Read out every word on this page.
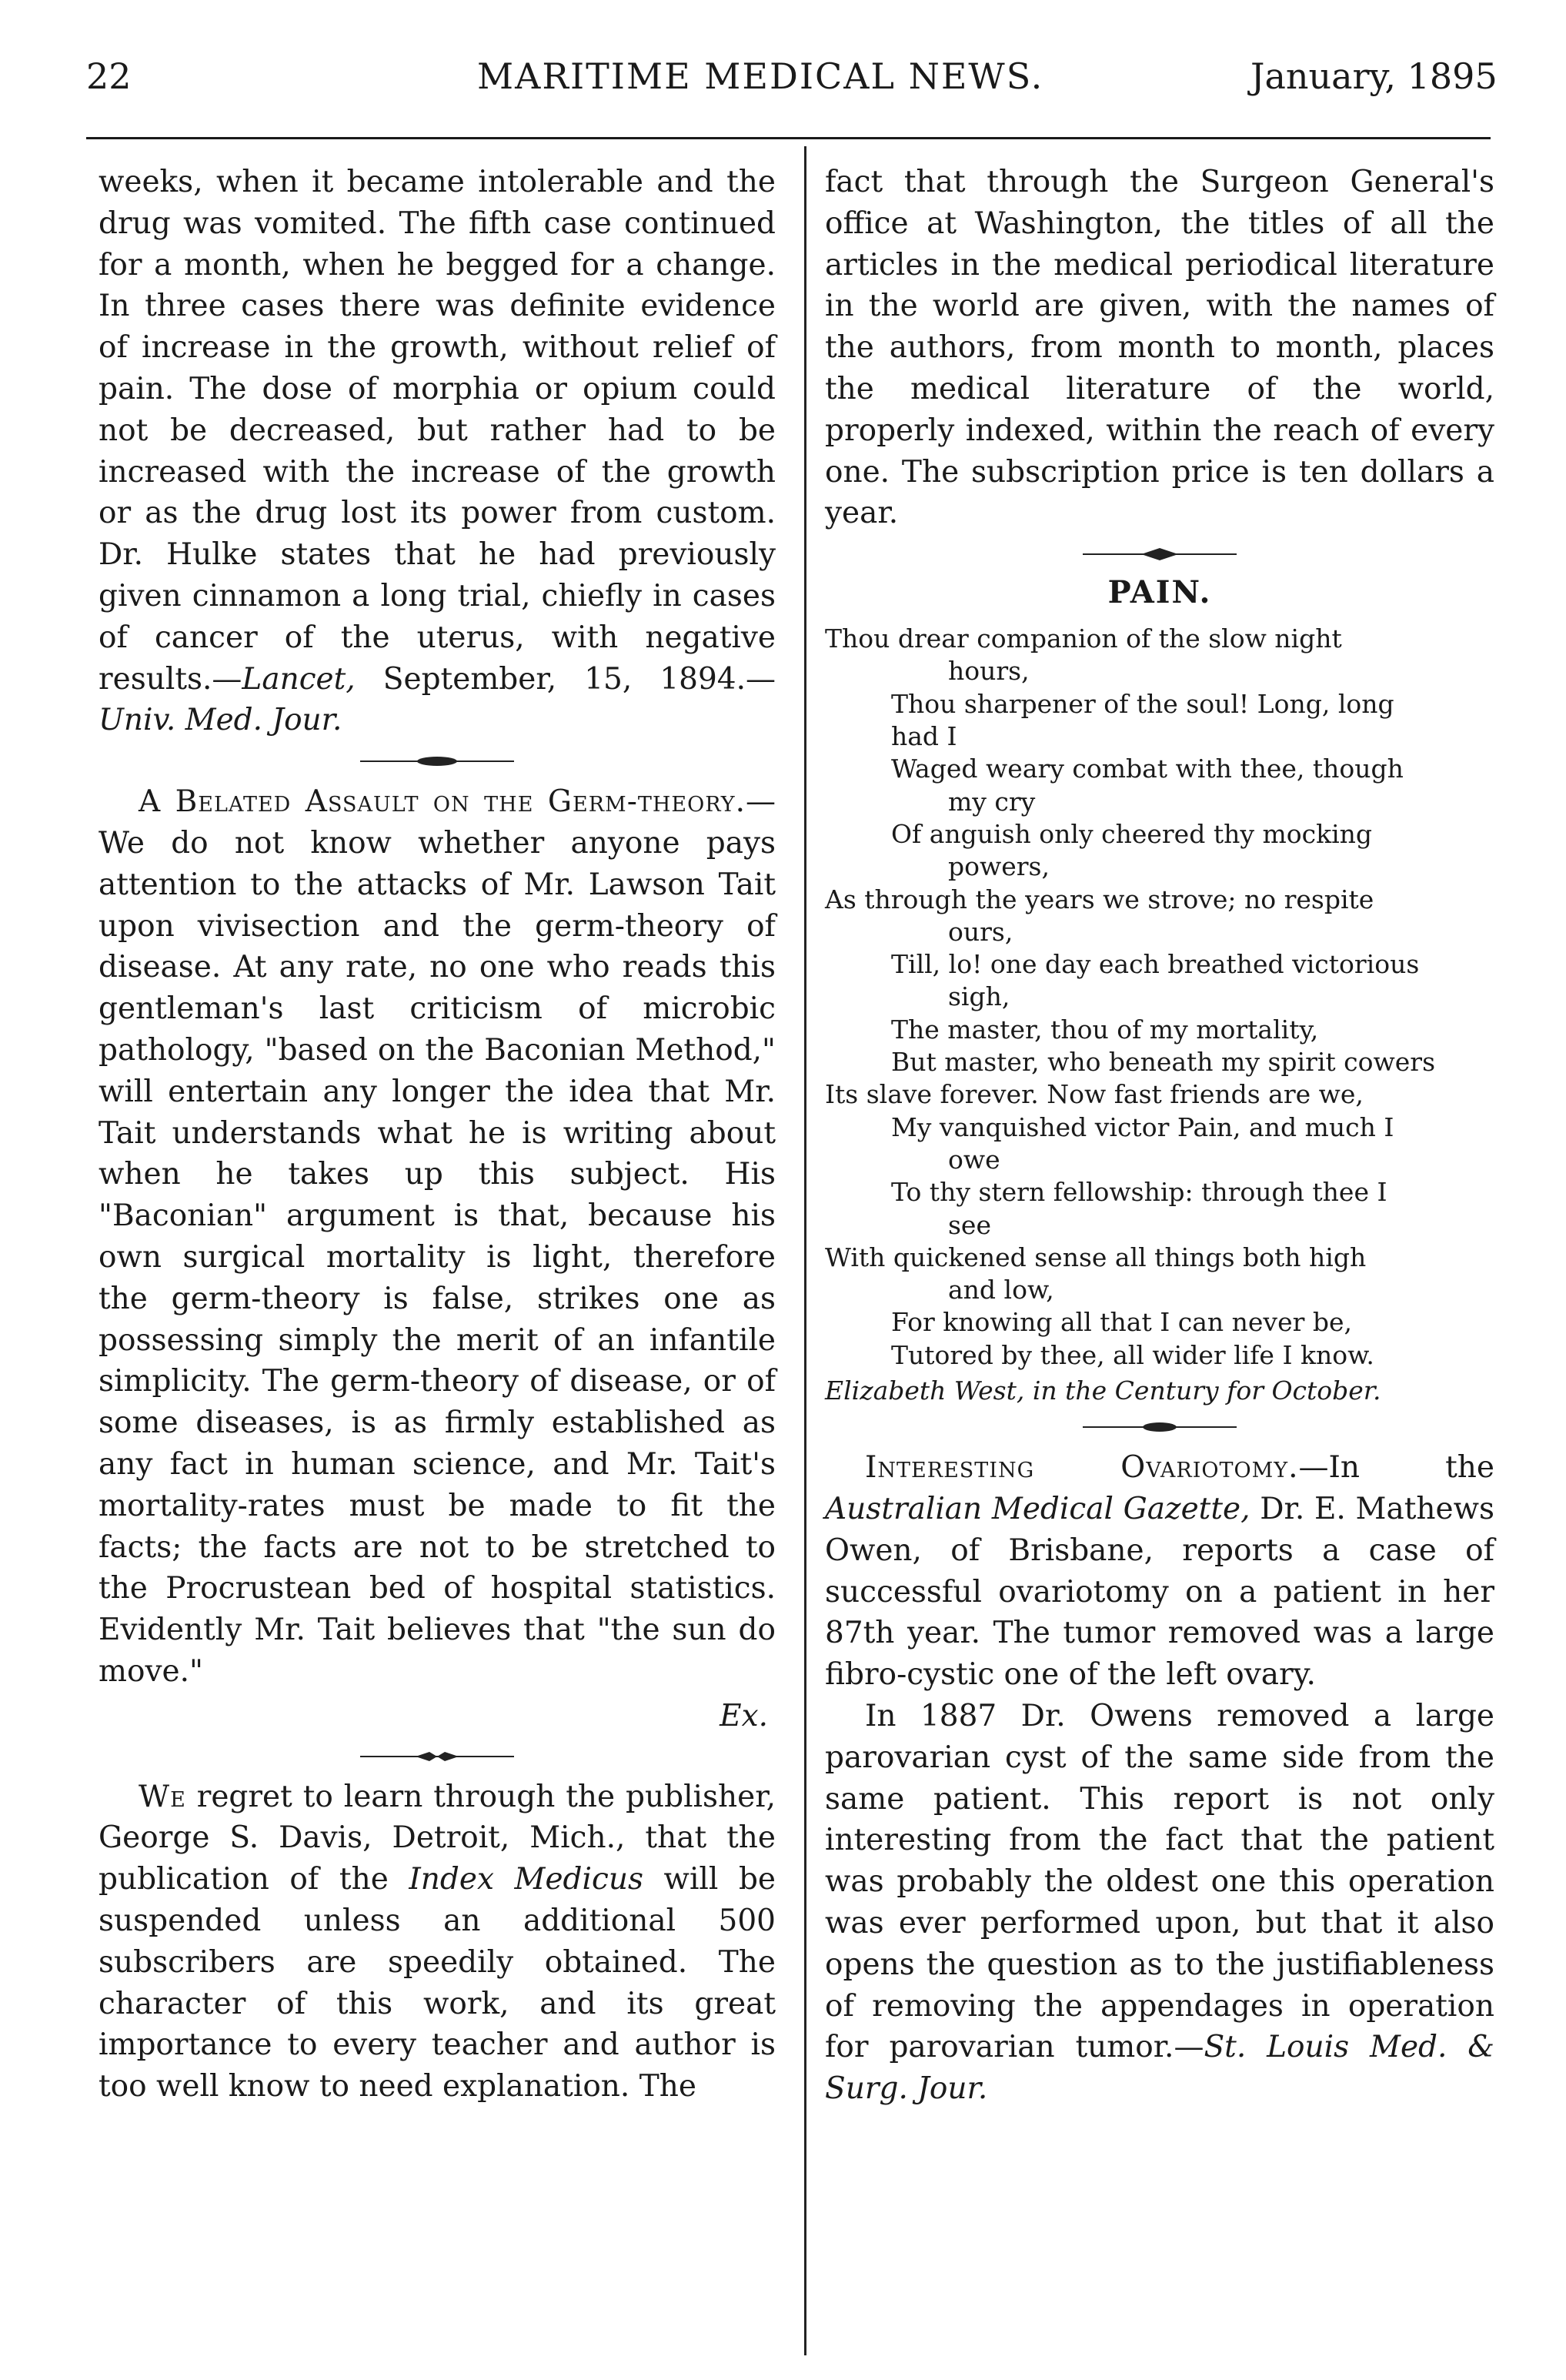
22	MARITIME MEDICAL NEWS.	January, 1895

weeks, when it became intolerable and the drug was vomited. The fifth case continued for a month, when he begged for a change. In three cases there was definite evidence of increase in the growth, without relief of pain. The dose of morphia or opium could not be decreased, but rather had to be increased with the increase of the growth or as the drug lost its power from custom. Dr. Hulke states that he had previously given cinnamon a long trial, chiefly in cases of cancer of the uterus, with negative results.—Lancet, September, 15, 1894.—Univ. Med. Jour.

A Belated Assault on the Germ-theory.—We do not know whether anyone pays attention to the attacks of Mr. Lawson Tait upon vivisection and the germ-theory of disease. At any rate, no one who reads this gentleman's last criticism of microbic pathology, "based on the Baconian Method," will entertain any longer the idea that Mr. Tait understands what he is writing about when he takes up this subject. His "Baconian" argument is that, because his own surgical mortality is light, therefore the germ-theory is false, strikes one as possessing simply the merit of an infantile simplicity. The germ-theory of disease, or of some diseases, is as firmly established as any fact in human science, and Mr. Tait's mortality-rates must be made to fit the facts; the facts are not to be stretched to the Procrustean bed of hospital statistics. Evidently Mr. Tait believes that "the sun do move."

Ex.

We regret to learn through the publisher, George S. Davis, Detroit, Mich., that the publication of the Index Medicus will be suspended unless an additional 500 subscribers are speedily obtained. The character of this work, and its great importance to every teacher and author is too well know to need explanation. The

fact that through the Surgeon General's office at Washington, the titles of all the articles in the medical periodical literature in the world are given, with the names of the authors, from month to month, places the medical literature of the world, properly indexed, within the reach of every one. The subscription price is ten dollars a year.

PAIN.
Thou drear companion of the slow night
hours,
Thou sharpener of the soul! Long, long
had I
Waged weary combat with thee, though
my cry
Of anguish only cheered thy mocking
powers,
As through the years we strove; no respite
ours,
Till, lo! one day each breathed victorious
sigh,
The master, thou of my mortality,
But master, who beneath my spirit cowers
Its slave forever. Now fast friends are we,
My vanquished victor Pain, and much I
owe
To thy stern fellowship: through thee I
see
With quickened sense all things both high
and low,
For knowing all that I can never be,
Tutored by thee, all wider life I know.
Elizabeth West, in the Century for October.

Interesting Ovariotomy.—In the Australian Medical Gazette, Dr. E. Mathews Owen, of Brisbane, reports a case of successful ovariotomy on a patient in her 87th year. The tumor removed was a large fibro-cystic one of the left ovary.

In 1887 Dr. Owens removed a large parovarian cyst of the same side from the same patient. This report is not only interesting from the fact that the patient was probably the oldest one this operation was ever performed upon, but that it also opens the question as to the justifiableness of removing the appendages in operation for parovarian tumor.—St. Louis Med. & Surg. Jour.
